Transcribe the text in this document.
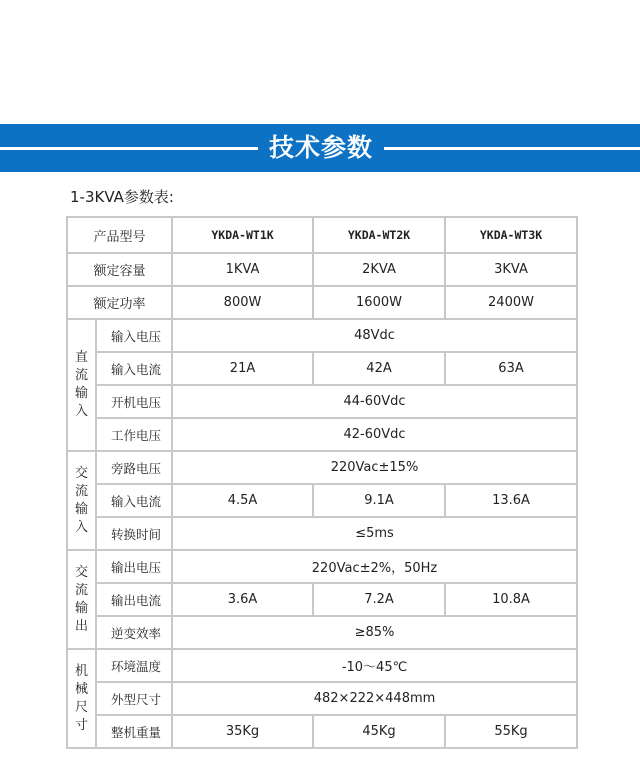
技术参数
1-3KVA参数表:
产品型号		YKDA-WT1K	YKDA-WT2K	YKDA-WT3K
额定容量		1KVA	2KVA	3KVA
额定功率		800W	1600W	2400W

直
流
输
入	输入电压	48Vdc		
	输入电流	21A	42A	63A
	开机电压	44-60Vdc		
	工作电压	42-60Vdc		

交
流
输
入	旁路电压	220Vac±15%		
	输入电流	4.5A	9.1A	13.6A
	转换时间	≤5ms		

交
流
输
出	输出电压	220Vac±2%，50Hz		
	输出电流	3.6A	7.2A	10.8A
	逆变效率	≥85%		

机
械
尺
寸	环境温度	-10～45℃		
	外型尺寸	482×222×448mm		
	整机重量	35Kg	45Kg	55Kg
